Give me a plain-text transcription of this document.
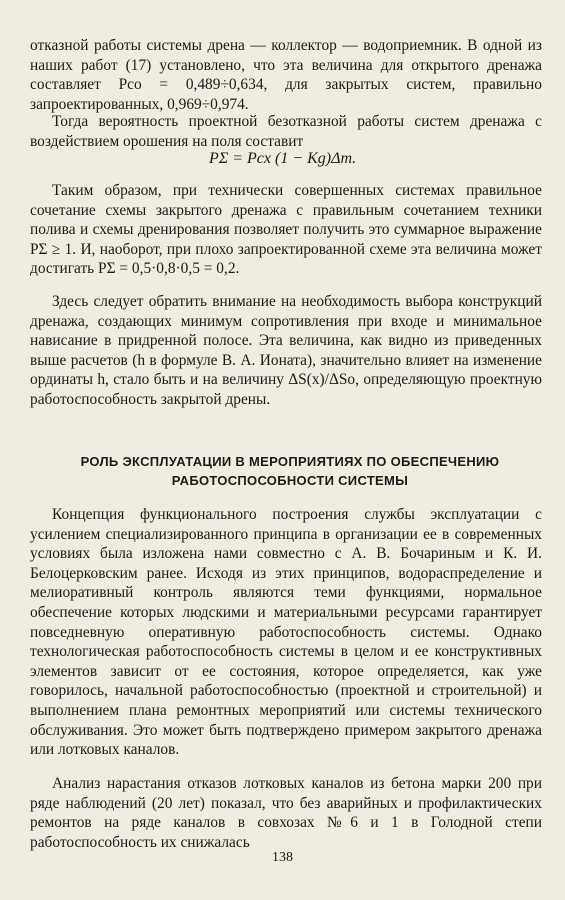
отказной работы системы дрена — коллектор — водоприемник. В одной из наших работ (17) установлено, что эта величина для открытого дренажа составляет Pco = 0,489÷0,634, для закрытых систем, правильно запроектированных, 0,969÷0,974.

Тогда вероятность проектной безотказной работы систем дренажа с воздействием орошения на поля составит

PΣ = Pcx (1 − Kg)Δm.

Таким образом, при технически совершенных системах правильное сочетание схемы закрытого дренажа с правильным сочетанием техники полива и схемы дренирования позволяет получить это суммарное выражение PΣ ≥ 1. И, наоборот, при плохо запроектированной схеме эта величина может достигать PΣ = 0,5·0,8·0,5 = 0,2.

Здесь следует обратить внимание на необходимость выбора конструкций дренажа, создающих минимум сопротивления при входе и минимальное нависание в придренной полосе. Эта величина, как видно из приведенных выше расчетов (h в формуле В. А. Ионата), значительно влияет на изменение ординаты h, стало быть и на величину ΔS(x)/ΔSo, определяющую проектную работоспособность закрытой дрены.

РОЛЬ ЭКСПЛУАТАЦИИ В МЕРОПРИЯТИЯХ ПО ОБЕСПЕЧЕНИЮ РАБОТОСПОСОБНОСТИ СИСТЕМЫ

Концепция функционального построения службы эксплуатации с усилением специализированного принципа в организации ее в современных условиях была изложена нами совместно с А. В. Бочариным и К. И. Белоцерковским ранее. Исходя из этих принципов, водораспределение и мелиоративный контроль являются теми функциями, нормальное обеспечение которых людскими и материальными ресурсами гарантирует повседневную оперативную работоспособность системы. Однако технологическая работоспособность системы в целом и ее конструктивных элементов зависит от ее состояния, которое определяется, как уже говорилось, начальной работоспособностью (проектной и строительной) и выполнением плана ремонтных мероприятий или системы технического обслуживания. Это может быть подтверждено примером закрытого дренажа или лотковых каналов.

Анализ нарастания отказов лотковых каналов из бетона марки 200 при ряде наблюдений (20 лет) показал, что без аварийных и профилактических ремонтов на ряде каналов в совхозах №6 и 1 в Голодной степи работоспособность их снижалась

138
